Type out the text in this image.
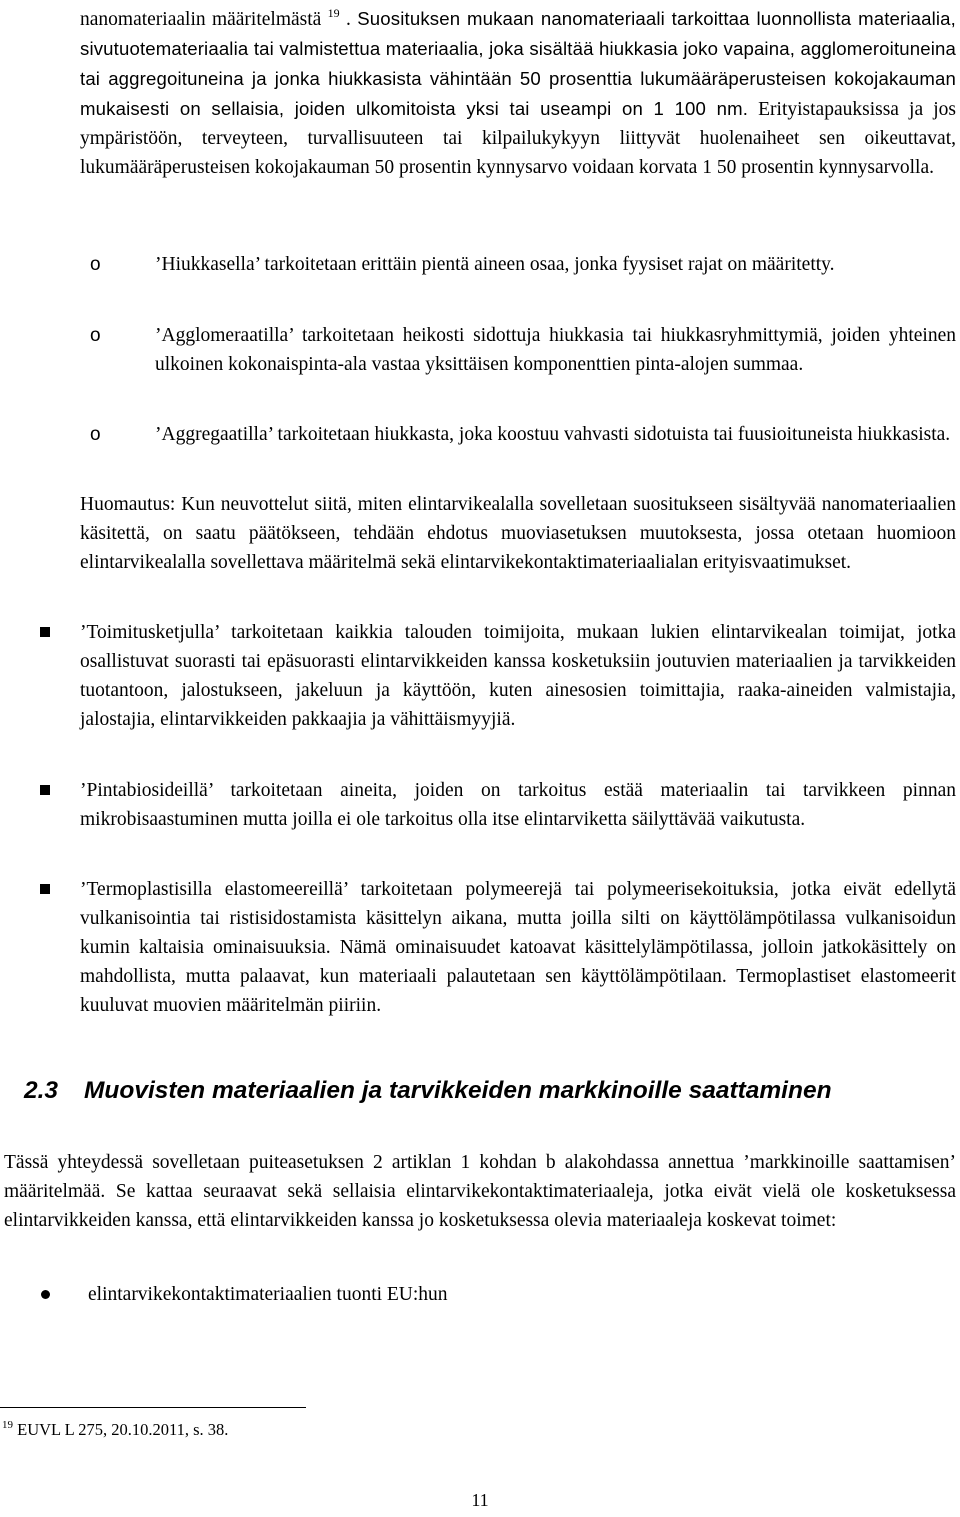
nanomateriaalin määritelmästä $^{19}$ . Suosituksen mukaan nanomateriaali tarkoittaa luonnollista materiaalia, sivutuotemateriaalia tai valmistettua materiaalia, joka sisältää hiukkasia joko vapaina, agglomeroituneina tai aggregoituneina ja jonka hiukkasista vähintään 50 prosenttia lukumääräperusteisen kokojakauman mukaisesti on sellaisia, joiden ulkomitoista yksi tai useampi on 1 100 nm. Erityistapauksissa ja jos ympäristöön, terveyteen, turvallisuuteen tai kilpailukykyyn liittyvät huolenaiheet sen oikeuttavat, lukumääräperusteisen kokojakauman 50 prosentin kynnysarvo voidaan korvata 1 50 prosentin kynnysarvolla.

o	’Hiukkasella’ tarkoitetaan erittäin pientä aineen osaa, jonka fyysiset rajat on määritetty.

o	’Agglomeraatilla’ tarkoitetaan heikosti sidottuja hiukkasia tai hiukkasryhmittymiä, joiden yhteinen ulkoinen kokonaispinta-ala vastaa yksittäisen komponenttien pinta-alojen summaa.

o	’Aggregaatilla’ tarkoitetaan hiukkasta, joka koostuu vahvasti sidotuista tai fuusioituneista hiukkasista.

Huomautus: Kun neuvottelut siitä, miten elintarvikealalla sovelletaan suositukseen sisältyvää nanomateriaalien käsitettä, on saatu päätökseen, tehdään ehdotus muoviasetuksen muutoksesta, jossa otetaan huomioon elintarvikealalla sovellettava määritelmä sekä elintarvikekontaktimateriaalialan erityisvaatimukset.

’Toimitusketjulla’ tarkoitetaan kaikkia talouden toimijoita, mukaan lukien elintarvikealan toimijat, jotka osallistuvat suorasti tai epäsuorasti elintarvikkeiden kanssa kosketuksiin joutuvien materiaalien ja tarvikkeiden tuotantoon, jalostukseen, jakeluun ja käyttöön, kuten ainesosien toimittajia, raaka-aineiden valmistajia, jalostajia, elintarvikkeiden pakkaajia ja vähittäismyyjiä.

’Pintabiosideillä’ tarkoitetaan aineita, joiden on tarkoitus estää materiaalin tai tarvikkeen pinnan mikrobisaastuminen mutta joilla ei ole tarkoitus olla itse elintarviketta säilyttävää vaikutusta.

’Termoplastisilla elastomeereillä’ tarkoitetaan polymeerejä tai polymeerisekoituksia, jotka eivät edellytä vulkanisointia tai ristisidostamista käsittelyn aikana, mutta joilla silti on käyttölämpötilassa vulkanisoidun kumin kaltaisia ominaisuuksia. Nämä ominaisuudet katoavat käsittelylämpötilassa, jolloin jatkokäsittely on mahdollista, mutta palaavat, kun materiaali palautetaan sen käyttölämpötilaan. Termoplastiset elastomeerit kuuluvat muovien määritelmän piiriin.

2.3 Muovisten materiaalien ja tarvikkeiden markkinoille saattaminen

Tässä yhteydessä sovelletaan puiteasetuksen 2 artiklan 1 kohdan b alakohdassa annettua ’markkinoille saattamisen’ määritelmää. Se kattaa seuraavat sekä sellaisia elintarvikekontaktimateriaaleja, jotka eivät vielä ole kosketuksessa elintarvikkeiden kanssa, että elintarvikkeiden kanssa jo kosketuksessa olevia materiaaleja koskevat toimet:

elintarvikekontaktimateriaalien tuonti EU:hun

$^{19}$ EUVL L 275, 20.10.2011, s. 38.

11
